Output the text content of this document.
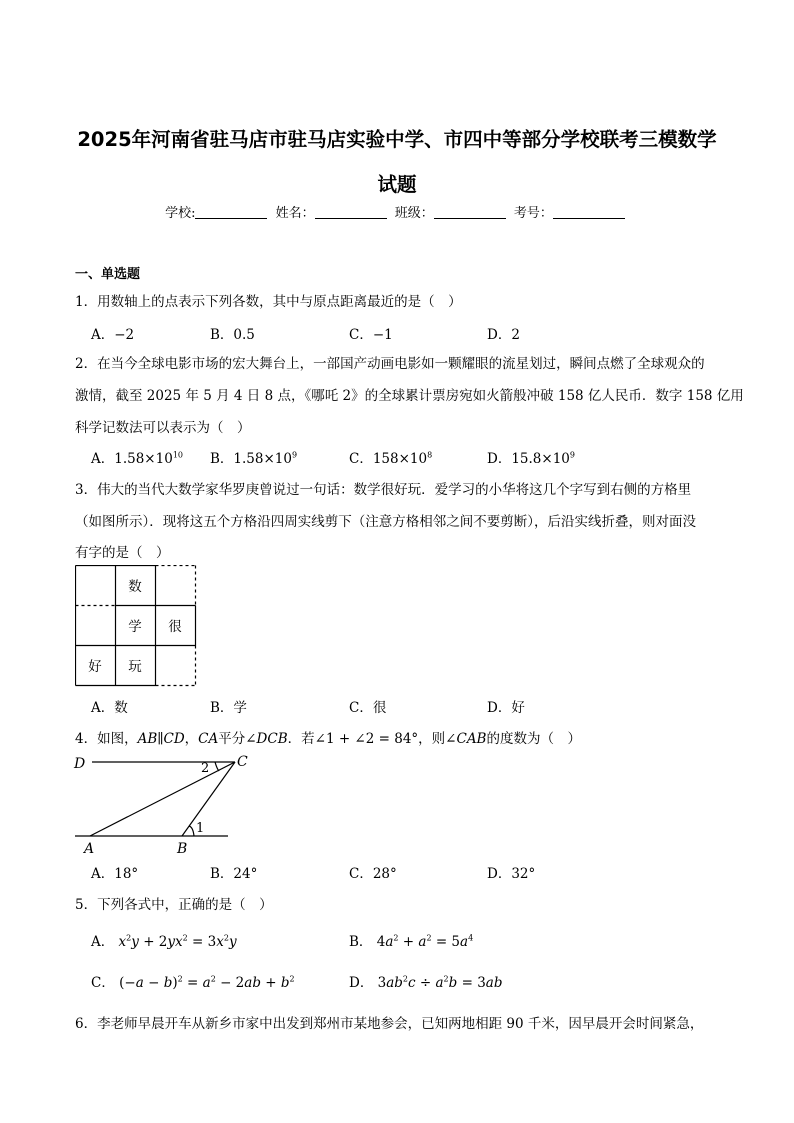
2025年河南省驻马店市驻马店实验中学、市四中等部分学校联考三模数学
试题
学校:	姓名：	班级：	考号：
一、单选题
1．用数轴上的点表示下列各数，其中与原点距离最近的是（　）
A．−2	B．0.5	C．−1	D．2
2．在当今全球电影市场的宏大舞台上，一部国产动画电影如一颗耀眼的流星划过，瞬间点燃了全球观众的
激情，截至 2025 年 5 月 4 日 8 点，《哪吒 2》的全球累计票房宛如火箭般冲破 158 亿人民币．数字 158 亿用
科学记数法可以表示为（　）
A．$1.58\times 10^{10}$ B．$1.58\times 10^9$	C．$158\times 10^8$	D．$15.8\times 10^9$
3．伟大的当代大数学家华罗庚曾说过一句话：数学很好玩．爱学习的小华将这几个字写到右侧的方格里
（如图所示）．现将这五个方格沿四周实线剪下（注意方格相邻之间不要剪断），后沿实线折叠，则对面没
有字的是（　）
数
学	很
好	玩
A．数	B．学	C．很	D．好
4．如图，AB∥CD，CA平分∠DCB．若∠1 + ∠2 = 84°，则∠CAB的度数为（　）
D	C
A	B
2
1
A．18°	B．24°	C．28°	D．32°
5．下列各式中，正确的是（　）
A． $x^2y + 2yx^2 = 3x^2y$	B． $4a^2 + a^2 = 5a^4$
C． $(-a - b)^2 = a^2 - 2ab + b^2$	D． $3ab^2c \div a^2b = 3ab$
6．李老师早晨开车从新乡市家中出发到郑州市某地参会，已知两地相距 90 千米，因早晨开会时间紧急，
